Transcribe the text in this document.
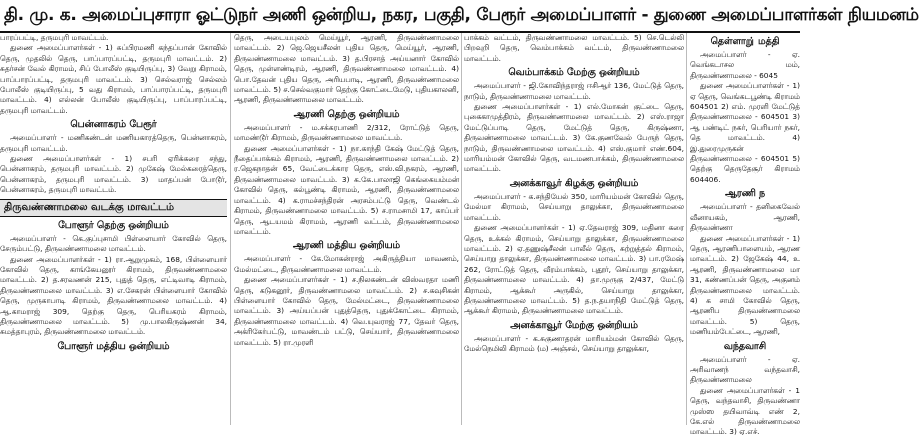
தி. மு. க. அமைப்புசாரா ஓட்டுநர் அணி ஒன்றிய, நகர, பகுதி, பேரூர் அமைப்பாளர் - துணை அமைப்பாளர்கள் நியமனம்

பாரப்பட்டி, தருமபுரி மாவட்டம்.

துணை அமைப்பாளர்கள் - 1) சுப்பிரமணி கந்தப்பான் கோவில் தெரு, முதலில் தெரு, பாப்பாரப்பட்டி, தருமபுரி மாவட்டம். 2) சுதர்சன் வேல் கிராமம், சிப் போலீஸ் குடியிருப்பு, 3) வேறு கிராமம், பாப்பாரப்பட்டி, தருமபுரி மாவட்டம். 3) செல்வராஜ் செல்லம் போலீஸ் குடியிருப்பு, 5 வது கிராமம், பாப்பாரப்பட்டி, தருமபுரி மாவட்டம். 4) எல்லன் போலீஸ் குடியிருப்பு, பாப்பாரப்பட்டி, தருமபுரி மாவட்டம்.

பென்னாகரம் பேரூர்

அமைப்பாளர் - மணிகண்டன் மணியகாரத்தெரு, பென்னாகரம், தருமபுரி மாவட்டம்.

துணை அமைப்பாளர்கள் - 1) சபரி ஏரிக்கரை சந்து, பென்னாகரம், தருமபுரி மாவட்டம். 2) முகேஷ் மேல்கரைத்தெரு, பென்னாகரம், தருமபுரி மாவட்டம். 3) மாதப்பன் போடூர், பென்னாகரம், தருமபுரி மாவட்டம்.

திருவண்ணாமலை வடக்கு மாவட்டம்
போளூர் தெற்கு ஒன்றியம்

அமைப்பாளர் - கெ.குப்புசாமி பிள்ளையார் கோவில் தெரு, சேரும்பட்டு, திருவண்ணாமலை மாவட்டம்.

துணை அமைப்பாளர்கள் - 1) ரா.ஆறுமுகம், 168, பிள்ளையார் கோவில் தெரு, காங்கேயனூர் கிராமம், திருவண்ணாமலை மாவட்டம். 2) த.சரவணன் 215, புதுத் தெரு, எட்டிவாடி கிராமம், திருவண்ணாமலை மாவட்டம். 3) எ.சேகரன் பிள்ளையார் கோவில் தெரு, முருகாபாடி கிராமம், திருவண்ணாமலை மாவட்டம். 4) ஆ.காமராஜ் 309, தெற்கு தெரு, பெரியகரம் கிராமம், திருவண்ணாமலை மாவட்டம். 5) மு.பாலகிருஷ்ணன் 34, சுமத்தாபுரம், திருவண்ணாமலை மாவட்டம்.

போளூர் மத்திய ஒன்றியம்

தெரு, அடையபுலம் மெய்யூர், ஆரணி, திருவண்ணாமலை மாவட்டம். 2) ஜெ.ஜெயசீலன் புதிய தெரு, மெய்யூர், ஆரணி, திருவண்ணாமலை மாவட்டம். 3) த.பிரசாத் அய்யனார் கோவில் தெரு, முள்ளண்டிரம், ஆரணி, திருவண்ணாமலை மாவட்டம். 4) பொ.தேவன் புதிய தெரு, அரியபாடி, ஆரணி, திருவண்ணாமலை மாவட்டம். 5) ச.செல்வகுமார் தெற்கு கோட்டைமேடு, புதியகாலனி, ஆரணி, திருவண்ணாமலை மாவட்டம்.

ஆரணி தெற்கு ஒன்றியம்

அமைப்பாளர் - ம.சக்கரபாணி 2/312, ரோட்டுத் தெரு, மாமண்டூர் கிராமம், திருவண்ணாமலை மாவட்டம்.

துணை அமைப்பாளர்கள் - 1) நா.காந்தி கேஷ் மேட்டுத் தெரு, நீதைப்பாக்கம் கிராமம், ஆரணி, திருவண்ணாமலை மாவட்டம். 2) ர.ஜெகநாதன் 65, வேட்டைக்கார தெரு, எஸ்.வி.நகரம், ஆரணி, திருவண்ணாமலை மாவட்டம். 3) க.கே.பாலாஜி கெங்கையம்மன் கோவில் தெரு, கல்பூண்டி கிராமம், ஆரணி, திருவண்ணாமலை மாவட்டம். 4) க.ராமச்சந்திரன் அரசம்பட்டு தெரு, வெண்டல் கிராமம், திருவண்ணாமலை மாவட்டம். 5) ச.ராமசாமி 17, காப்பர் தெரு, ஆடயமம் கிராமம், ஆரணி வட்டம், திருவண்ணாமலை மாவட்டம்.

ஆரணி மத்திய ஒன்றியம்

அமைப்பாளர் - கே.மோகன்ராஜ் அகிருத்தியா மாவணம், மேல்மட்டை, திருவண்ணாமலை மாவட்டம்.

துணை அமைப்பாளர்கள் - 1) ச.நிலகண்டன் விஸ்வரதா மணி தெரு, கடுகனூர், திருவண்ணாமலை மாவட்டம். 2) ச.கவுசிகன் பிள்ளையார் கோவில் தெரு, மேல்மட்டை, திருவண்ணாமலை மாவட்டம். 3) அய்யப்பன் புதுத்தெரு, புதுக்கோட்டை கிராமம், திருவண்ணாமலை மாவட்டம். 4) வெ.யுவராஜ் 77, தேவர் தெரு, அக்ரிகேர்பட்டு, மாவண்டம் பட்டு, செய்யார், திருவண்ணாமலை மாவட்டம். 5) ரா.முரளி

பாக்கம் வட்டம், திருவண்ணாமலை மாவட்டம். 5) செ.டெல்லி பிறவுறி தெரு, வெம்பாக்கம் வட்டம், திருவண்ணாமலை மாவட்டம்.

வெம்பாக்கம் மேற்கு ஒன்றியம்

அமைப்பாளர் - ஜி.கோவிந்தராஜ் ஈசிஆர் 136, மேட்டுத் தெரு, நாடும், திருவண்ணாமலை மாவட்டம்.

துணை அமைப்பாளர்கள் - 1) எல்.மோகன் குட்டை தெரு, புகைகாமுத்திரம், திருவண்ணாமலை மாவட்டம். 2) எஸ்.ராஜா மேட்டுப்பாடி தெரு, மேட்டுத் தெரு, கிருஷ்ணா, திருவண்ணாமலை மாவட்டம். 3) கே.குணவேல் பேருந் தெரு, நாடும், திருவண்ணாமலை மாவட்டம். 4) எஸ்.குமார் எண்.604, மாரியம்மன் கோவில் தெரு, வடமணபாக்கம், திருவண்ணாமலை மாவட்டம்.

அனக்காவூர் கிழக்கு ஒன்றியம்

அமைப்பாளர் - க.சந்தியேல் 350, மாரியம்மன் கோவில் தெரு, மேல்மா கிராமம், செய்யாறு தாலுக்கா, திருவண்ணாமலை மாவட்டம்.

துணை அமைப்பாளர்கள் - 1) ஏ.தேவராஜ் 309, மதினா கரை தெரு, உக்கல் கிராமம், செய்யாறு தாலுக்கா, திருவண்ணாமலை மாவட்டம். 2) ஏ.தணுஷ்சீலன் பாலீல் தெரு, சுற்றுத்தல் கிராமம், செய்யாறு தாலுக்கா, திருவண்ணாமலை மாவட்டம். 3) பா.ரமேஷ் 262, ரோட்டுத் தெரு, வீரம்பாக்கம், புதூர், செய்யாறு தாலுக்கா, திருவண்ணாமலை மாவட்டம். 4) தா.முருகு 2/437, மேட்டு கிராமம், ஆக்கூர் அருகில், செய்யாறு தாலுக்கா, திருவண்ணாமலை மாவட்டம். 5) த.ந.தயாநிதி மேட்டுத் தெரு, ஆக்கூர் கிராமம், திருவண்ணாமலை மாவட்டம்.

அனக்காவூர் மேற்கு ஒன்றியம்

அமைப்பாளர் - க.சுகுணாதரன் மாரியம்மன் கோவில் தெரு, மேல்நெமிலி கிராமம் (ம) அஞ்சல், செய்யாறு தாலுக்கா,

தெள்ளாறு் மத்தி

அமைப்பாளர் - ஏ. வெங்கடாசல மம், திருவண்ணாமலை - 6045

துணை அமைப்பாளர்கள் - 1) ஏ தெரு, வெங்கடபூண்டி கிராமம் 604501 2) எம். முரளி மேட்டுத் திருவண்ணாமலை - 604501 3) ஆ பண்டிட் நகர், பெரியார் நகர், தெ மாவட்டம். 4) இ.துரைமுருகன் திருவண்ணாமலை - 604501 5) தெற்கு தெருதேசூர் கிராமம் 604406.

ஆரணி ந

அமைப்பாளர் - தனிகைவேல் வீனாயகம், ஆரணி, திருவண்ணா

துணை அமைப்பாளர்கள் - 1) தெரு, ஆரணிபாளையம், ஆரண மாவட்டம். 2) ஜேகேஷ் 44, உ ஆரணி, திருவண்ணாமலை மா 31, கண்ணப்பன் தெரு, அகுனம் திருவண்ணாமலை மாவட்டம். 4) க சாமி கோவில் தெரு, ஆரணிப திருவண்ணாமலை மாவட்டம். 5) தெரு, மணியம்பேட்டை, ஆரணி,

வந்தவாசி

அமைப்பாளர் - ஏ. அரிவாணந் வந்தவாசி, திருவண்ணாமலை

துணை அமைப்பாளர்கள் - 1 தெரு, வந்தவாசி, திருவண்ணா முஸ்ஸ தயிவாவ்டி எண் 2, கே.எல் திருவண்ணாமலை மாவட்டம். 3) ஏ.எச்.
